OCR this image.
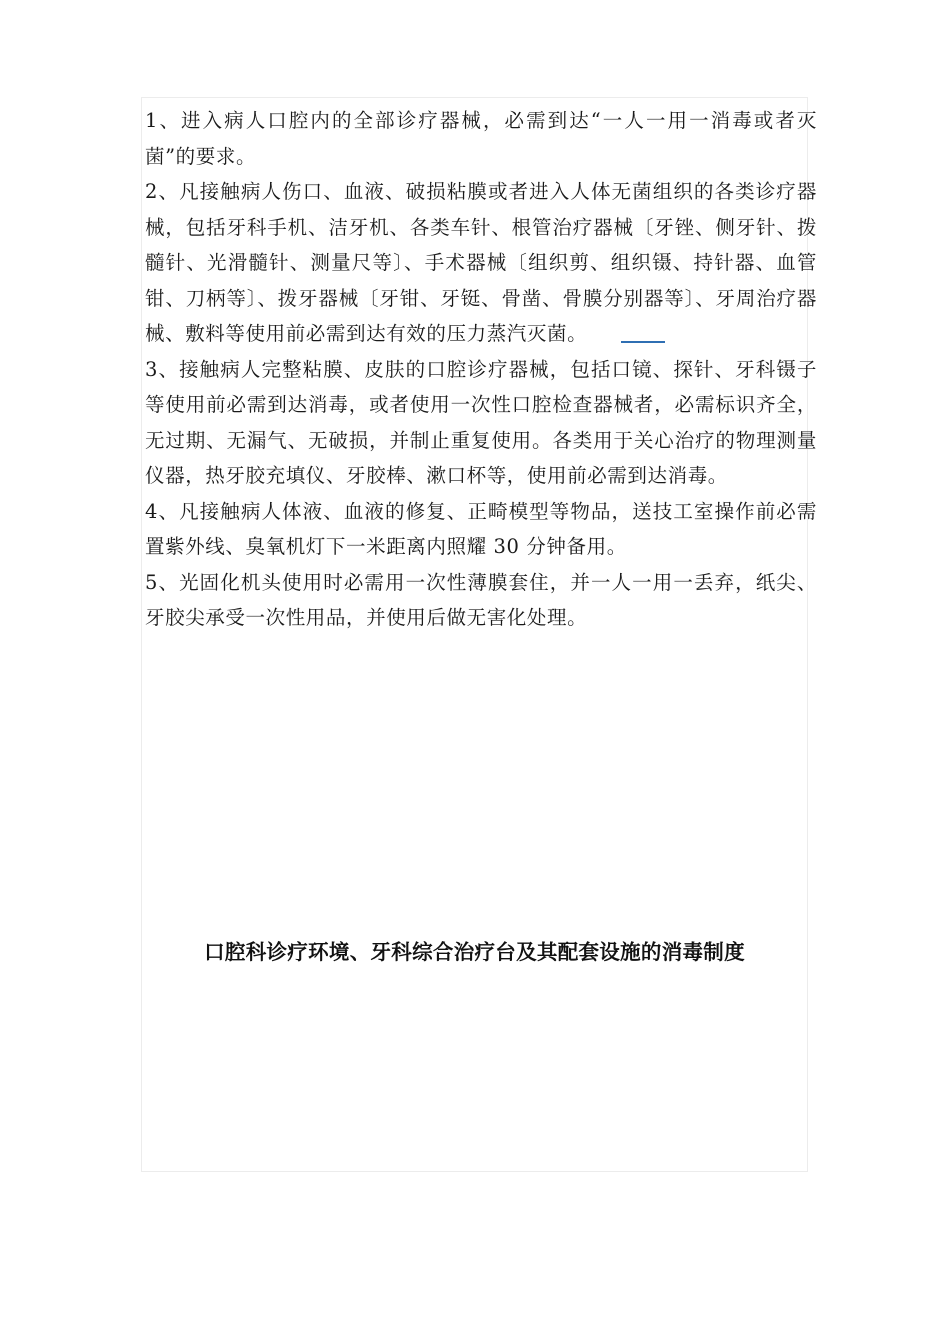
1、进入病人口腔内的全部诊疗器械，必需到达“一人一用一消毒或者灭菌”的要求。

2、凡接触病人伤口、血液、破损粘膜或者进入人体无菌组织的各类诊疗器械，包括牙科手机、洁牙机、各类车针、根管治疗器械〔牙锉、侧牙针、拨髓针、光滑髓针、测量尺等〕、手术器械〔组织剪、组织镊、持针器、血管钳、刀柄等〕、拨牙器械〔牙钳、牙铤、骨凿、骨膜分别器等〕、牙周治疗器械、敷料等使用前必需到达有效的压力蒸汽灭菌。

3、接触病人完整粘膜、皮肤的口腔诊疗器械，包括口镜、探针、牙科镊子等使用前必需到达消毒，或者使用一次性口腔检查器械者，必需标识齐全，无过期、无漏气、无破损，并制止重复使用。各类用于关心治疗的物理测量仪器，热牙胶充填仪、牙胶棒、漱口杯等，使用前必需到达消毒。

4、凡接触病人体液、血液的修复、正畸模型等物品，送技工室操作前必需置紫外线、臭氧机灯下一米距离内照耀 30 分钟备用。

5、光固化机头使用时必需用一次性薄膜套住，并一人一用一丢弃，纸尖、牙胶尖承受一次性用品，并使用后做无害化处理。

口腔科诊疗环境、牙科综合治疗台及其配套设施的消毒制度
